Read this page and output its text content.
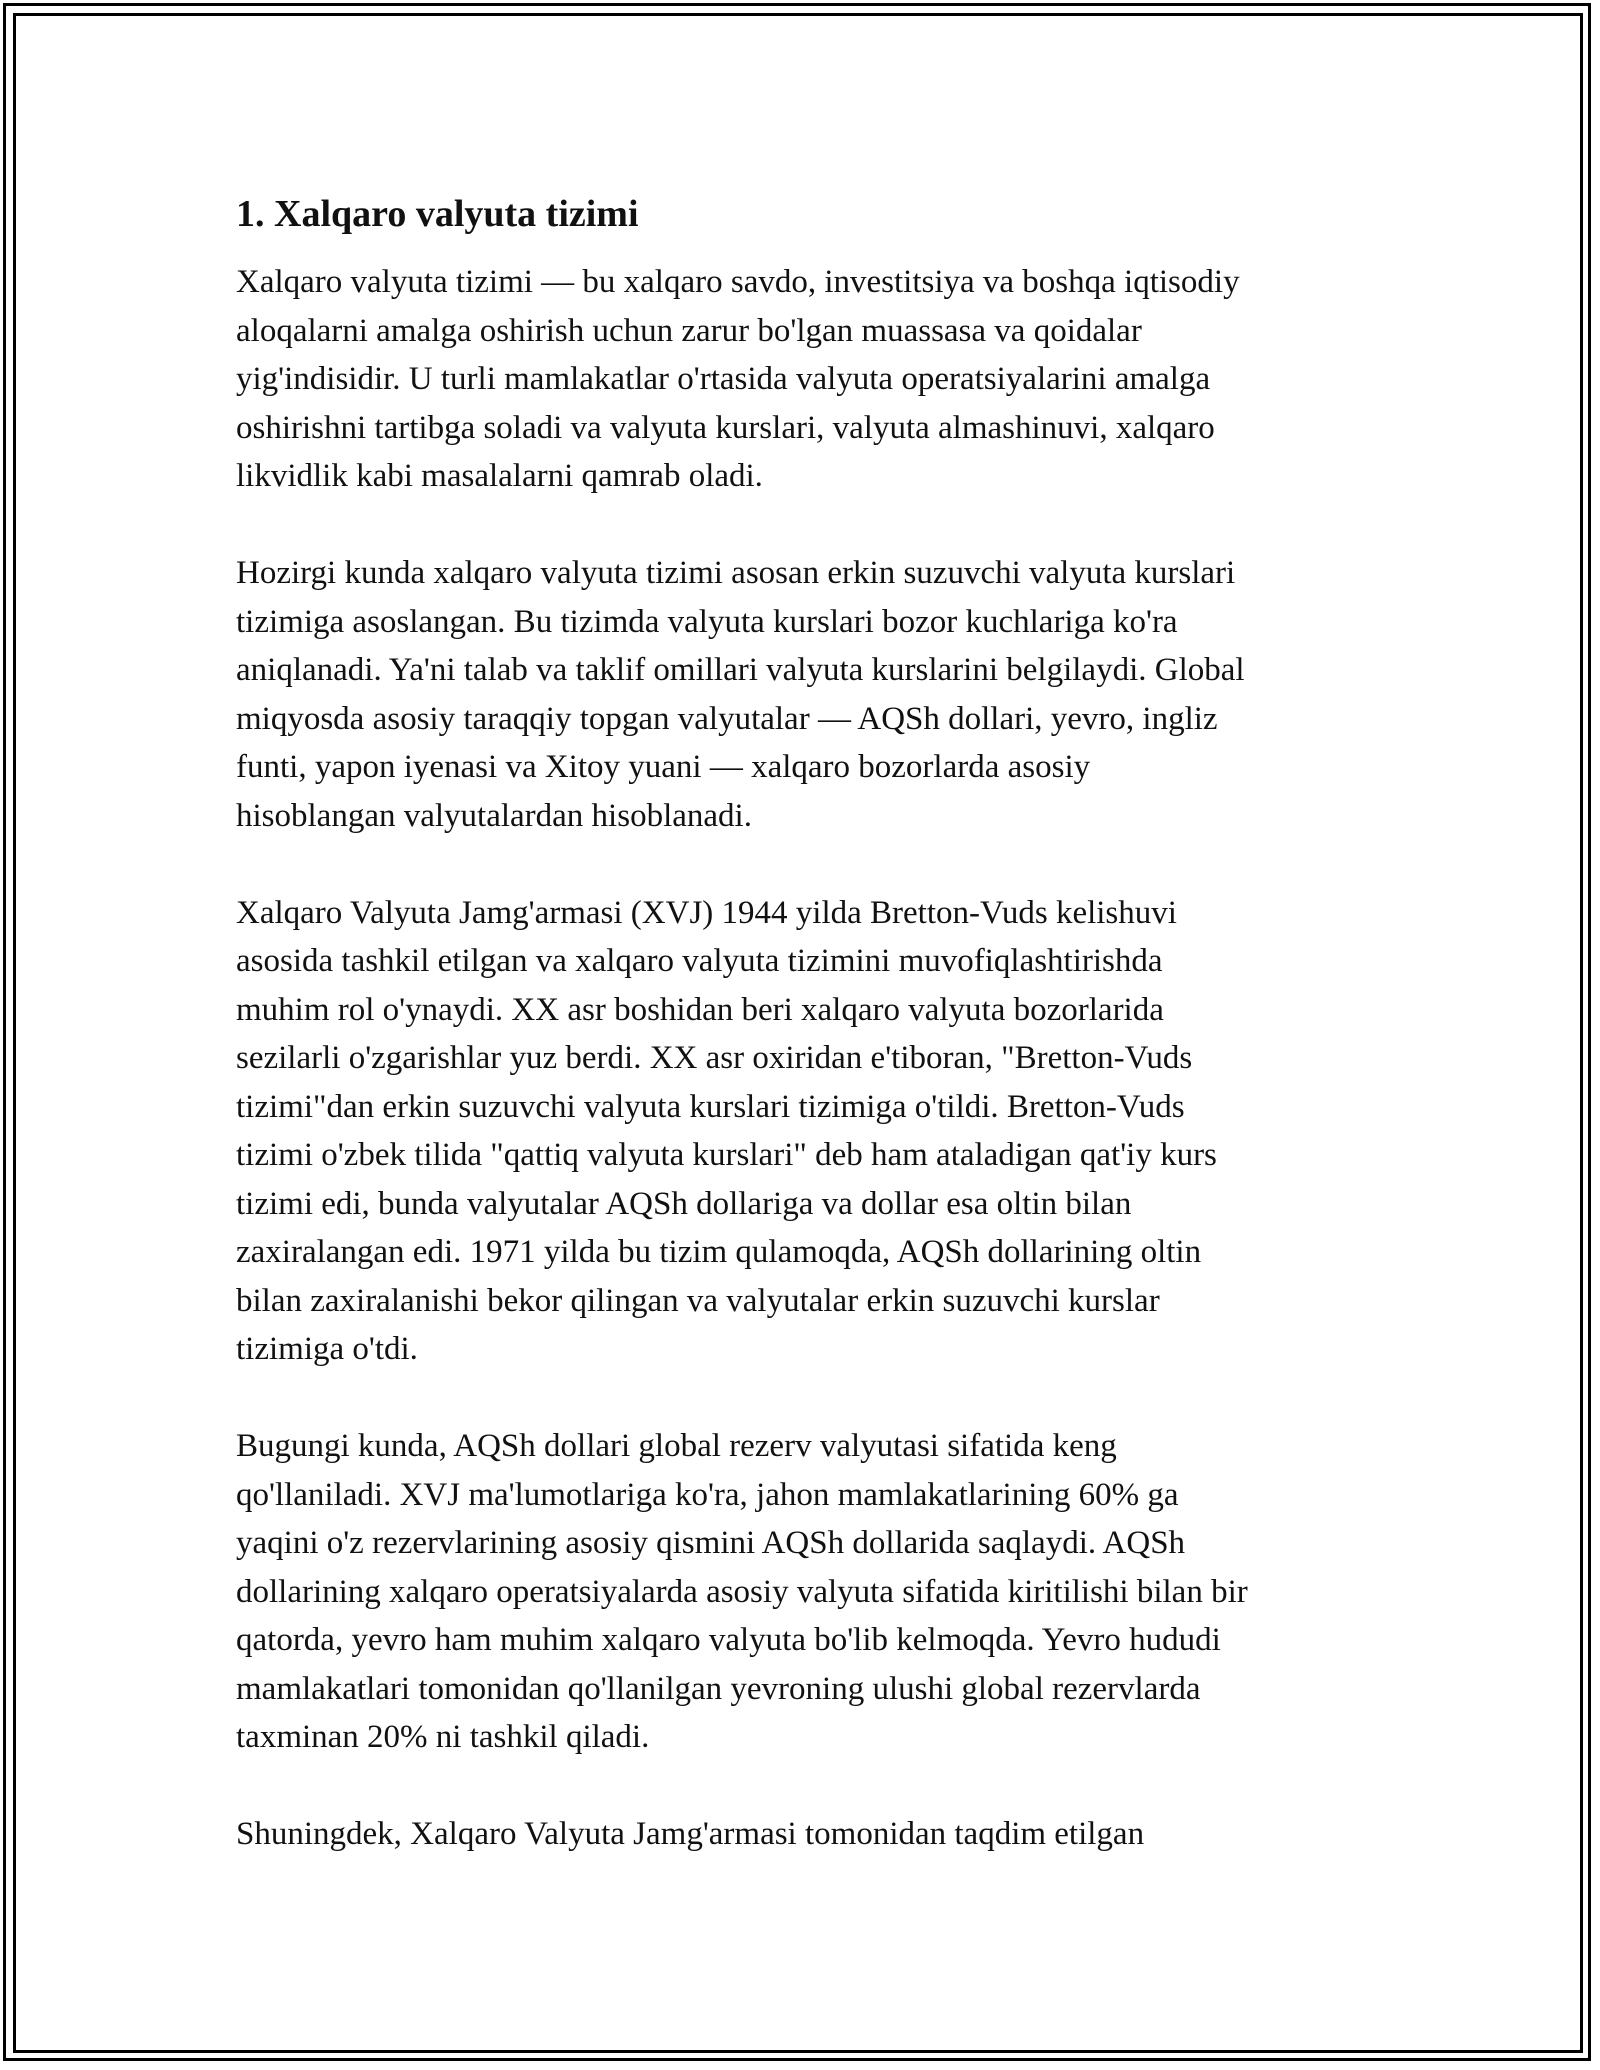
1. Xalqaro valyuta tizimi
Xalqaro valyuta tizimi — bu xalqaro savdo, investitsiya va boshqa iqtisodiy
aloqalarni amalga oshirish uchun zarur bo'lgan muassasa va qoidalar
yig'indisidir. U turli mamlakatlar o'rtasida valyuta operatsiyalarini amalga
oshirishni tartibga soladi va valyuta kurslari, valyuta almashinuvi, xalqaro
likvidlik kabi masalalarni qamrab oladi.
Hozirgi kunda xalqaro valyuta tizimi asosan erkin suzuvchi valyuta kurslari
tizimiga asoslangan. Bu tizimda valyuta kurslari bozor kuchlariga ko'ra
aniqlanadi. Ya'ni talab va taklif omillari valyuta kurslarini belgilaydi. Global
miqyosda asosiy taraqqiy topgan valyutalar — AQSh dollari, yevro, ingliz
funti, yapon iyenasi va Xitoy yuani — xalqaro bozorlarda asosiy
hisoblangan valyutalardan hisoblanadi.
Xalqaro Valyuta Jamg'armasi (XVJ) 1944 yilda Bretton-Vuds kelishuvi
asosida tashkil etilgan va xalqaro valyuta tizimini muvofiqlashtirishda
muhim rol o'ynaydi. XX asr boshidan beri xalqaro valyuta bozorlarida
sezilarli o'zgarishlar yuz berdi. XX asr oxiridan e'tiboran, "Bretton-Vuds
tizimi"dan erkin suzuvchi valyuta kurslari tizimiga o'tildi. Bretton-Vuds
tizimi o'zbek tilida "qattiq valyuta kurslari" deb ham ataladigan qat'iy kurs
tizimi edi, bunda valyutalar AQSh dollariga va dollar esa oltin bilan
zaxiralangan edi. 1971 yilda bu tizim qulamoqda, AQSh dollarining oltin
bilan zaxiralanishi bekor qilingan va valyutalar erkin suzuvchi kurslar
tizimiga o'tdi.
Bugungi kunda, AQSh dollari global rezerv valyutasi sifatida keng
qo'llaniladi. XVJ ma'lumotlariga ko'ra, jahon mamlakatlarining 60% ga
yaqini o'z rezervlarining asosiy qismini AQSh dollarida saqlaydi. AQSh
dollarining xalqaro operatsiyalarda asosiy valyuta sifatida kiritilishi bilan bir
qatorda, yevro ham muhim xalqaro valyuta bo'lib kelmoqda. Yevro hududi
mamlakatlari tomonidan qo'llanilgan yevroning ulushi global rezervlarda
taxminan 20% ni tashkil qiladi.
Shuningdek, Xalqaro Valyuta Jamg'armasi tomonidan taqdim etilgan
